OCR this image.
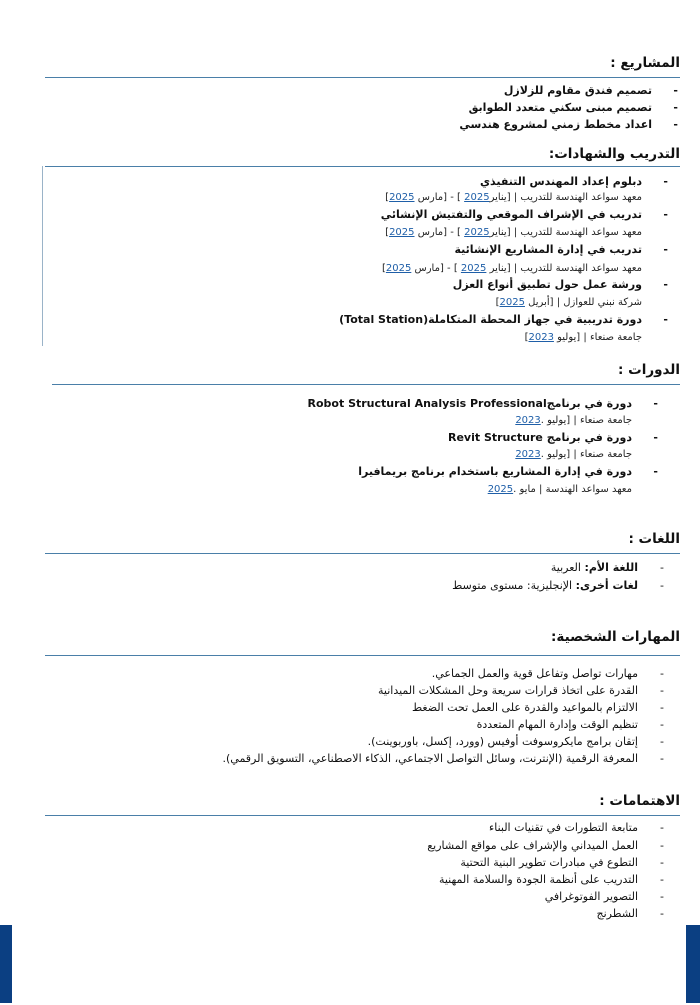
المشاريع :
-
تصميم فندق مقاوم للزلازل
-
تصميم مبنى سكني متعدد الطوابق
-
اعداد مخطط زمني لمشروع هندسي
التدريب والشهادات:
-
دبلوم إعداد المهندس التنفيذي
معهد سواعد الهندسة للتدريب | [يناير2025 ] - [مارس 2025]
-
تدريب في الإشراف الموقعي والتفتيش الإنشائي
معهد سواعد الهندسة للتدريب | [يناير2025 ] - [مارس 2025]
-
تدريب في إدارة المشاريع الإنشائية
معهد سواعد الهندسة للتدريب | [يناير 2025 ] - [مارس 2025]
-
ورشة عمل حول تطبيق أنواع العزل
شركة نبني للعوازل | [أبريل 2025]
-
دورة تدريبية في جهاز المحطة المتكاملة(Total Station)
جامعة صنعاء | [يوليو 2023]
الدورات :
-
دورة في برنامجRobot Structural Analysis Professional
جامعة صنعاء | [يوليو .2023
-
دورة في برنامج Revit Structure
جامعة صنعاء | [يوليو .2023
-
دورة في إدارة المشاريع باستخدام برنامج بريمافيرا
معهد سواعد الهندسة | مايو .2025
اللغات :
-
اللغة الأم: العربية
-
لغات أخرى: الإنجليزية: مستوى متوسط
المهارات الشخصية:
-
مهارات تواصل وتفاعل قوية والعمل الجماعي.
-
القدرة على اتخاذ قرارات سريعة وحل المشكلات الميدانية
-
الالتزام بالمواعيد والقدرة على العمل تحت الضغط
-
تنظيم الوقت وإدارة المهام المتعددة
-
إتقان برامج مايكروسوفت أوفيس (وورد، إكسل، باوربوينت).
-
المعرفة الرقمية (الإنترنت، وسائل التواصل الاجتماعي، الذكاء الاصطناعي، التسويق الرقمي).
الاهتمامات :
-
متابعة التطورات في تقنيات البناء
-
العمل الميداني والإشراف على مواقع المشاريع
-
التطوع في مبادرات تطوير البنية التحتية
-
التدريب على أنظمة الجودة والسلامة المهنية
-
التصوير الفوتوغرافي
-
الشطرنج
